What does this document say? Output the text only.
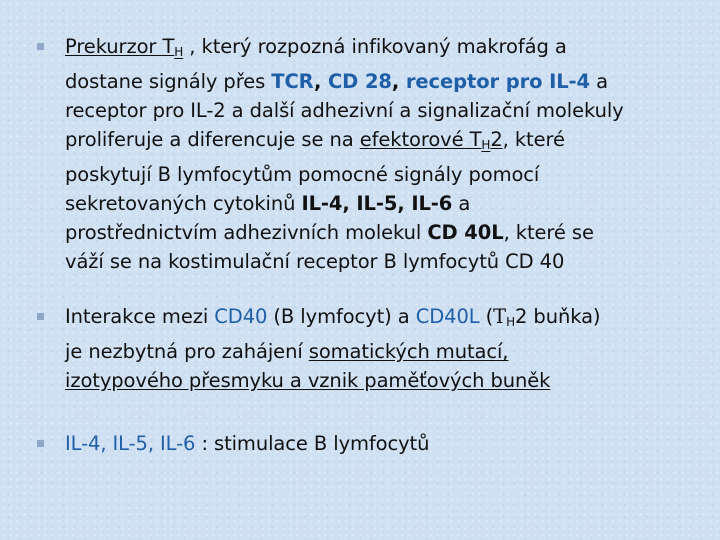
Prekurzor $T_H$ , který rozpozná infikovaný makrofág a
dostane signály přes TCR, CD 28, receptor pro IL-4 a
receptor pro IL-2 a další adhezivní a signalizační molekuly
proliferuje a diferencuje se na efektorové $T_H2$, které
poskytují B lymfocytům pomocné signály pomocí
sekretovaných cytokinů IL-4, IL-5, IL-6 a
prostřednictvím adhezivních molekul CD 40L, které se
váží se na kostimulační receptor B lymfocytů CD 40
Interakce mezi CD40 (B lymfocyt) a CD40L ($T_H2$ buňka)
je nezbytná pro zahájení somatických mutací,
izotypového přesmyku a vznik paměťových buněk
IL-4, IL-5, IL-6 : stimulace B lymfocytů
